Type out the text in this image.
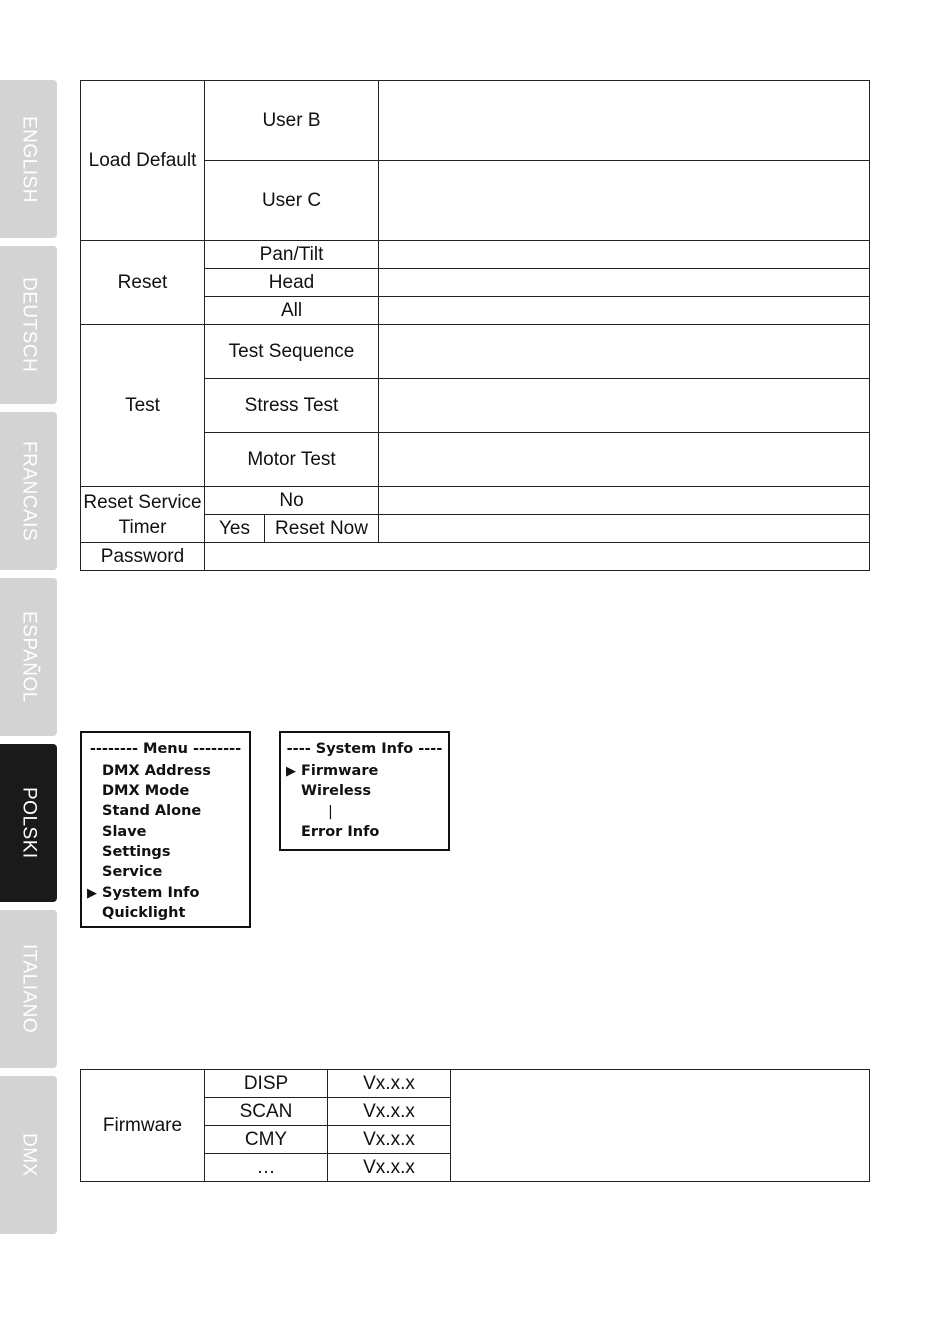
ENGLISH
DEUTSCH
FRANCAIS
ESPAÑOL
POLSKI
ITALIANO
DMX
Load Default	User B		
	User C		
Reset	Pan/Tilt		
	Head		
	All		
Test	Test Sequence		
	Stress Test		
	Motor Test		
Reset Service
Timer	No		
	Yes	Reset Now	
Password			
-------- Menu --------
DMX Address
DMX Mode
Stand Alone
Slave
Settings
Service
▶ System Info
Quicklight
---- System Info ----
▶ Firmware
Wireless
|
Error Info
Firmware	DISP	Vx.x.x	
	SCAN	Vx.x.x	
	CMY	Vx.x.x	
	…	Vx.x.x	
